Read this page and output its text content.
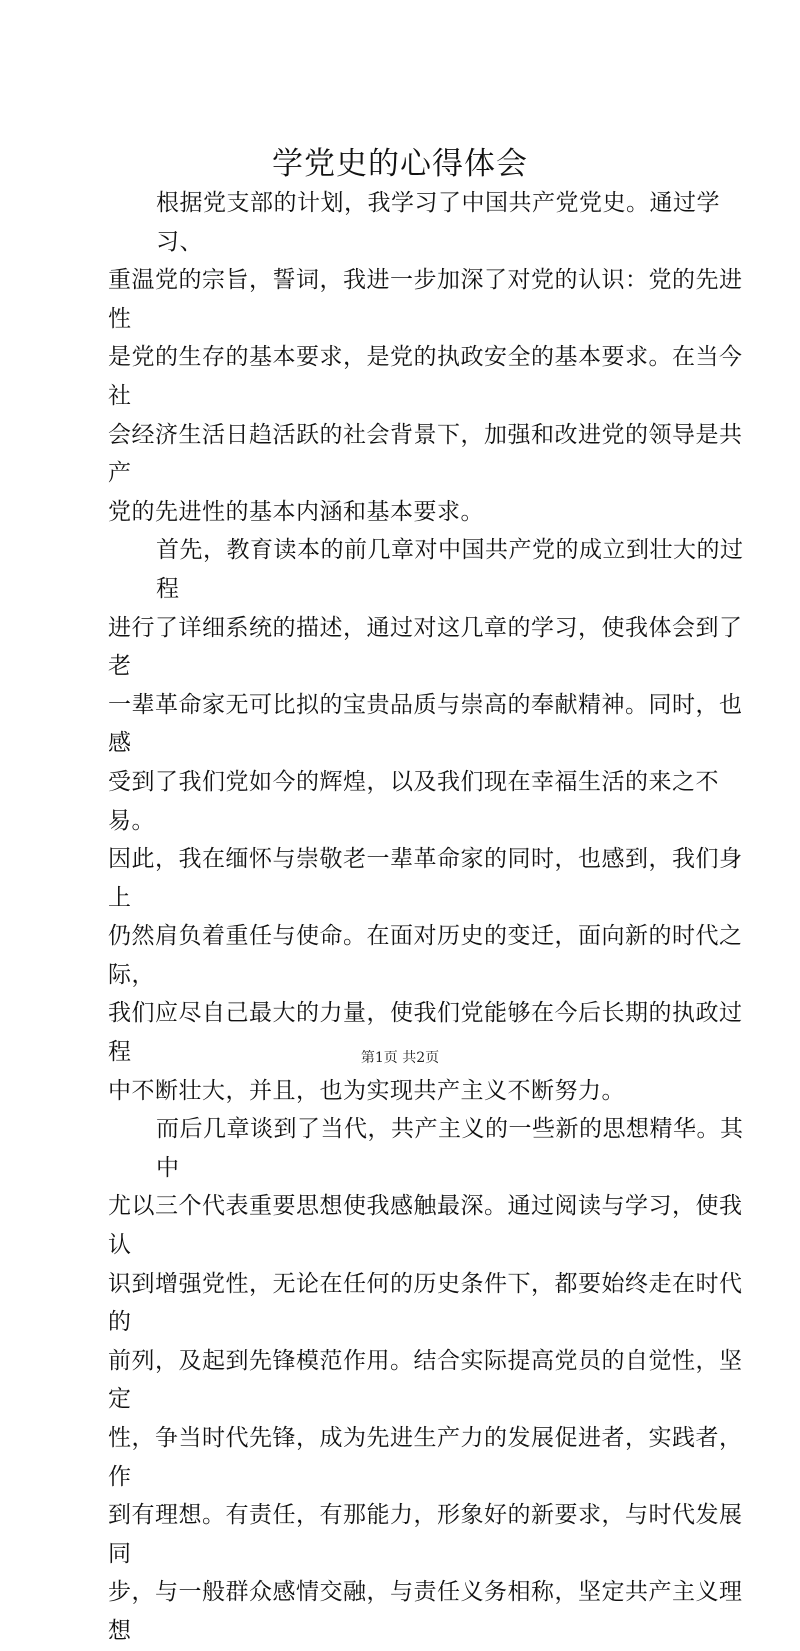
学党史的心得体会
根据党支部的计划，我学习了中国共产党党史。通过学习、
重温党的宗旨，誓词，我进一步加深了对党的认识：党的先进性
是党的生存的基本要求，是党的执政安全的基本要求。在当今社
会经济生活日趋活跃的社会背景下，加强和改进党的领导是共产
党的先进性的基本内涵和基本要求。
首先，教育读本的前几章对中国共产党的成立到壮大的过程
进行了详细系统的描述，通过对这几章的学习，使我体会到了老
一辈革命家无可比拟的宝贵品质与崇高的奉献精神。同时，也感
受到了我们党如今的辉煌，以及我们现在幸福生活的来之不易。
因此，我在缅怀与崇敬老一辈革命家的同时，也感到，我们身上
仍然肩负着重任与使命。在面对历史的变迁，面向新的时代之际，
我们应尽自己最大的力量，使我们党能够在今后长期的执政过程
中不断壮大，并且，也为实现共产主义不断努力。
而后几章谈到了当代，共产主义的一些新的思想精华。其中
尤以三个代表重要思想使我感触最深。通过阅读与学习，使我认
识到增强党性，无论在任何的历史条件下，都要始终走在时代的
前列，及起到先锋模范作用。结合实际提高党员的自觉性，坚定
性，争当时代先锋，成为先进生产力的发展促进者，实践者，作
到有理想。有责任，有那能力，形象好的新要求，与时代发展同
步，与一般群众感情交融，与责任义务相称，坚定共产主义理想
第1页 共2页
